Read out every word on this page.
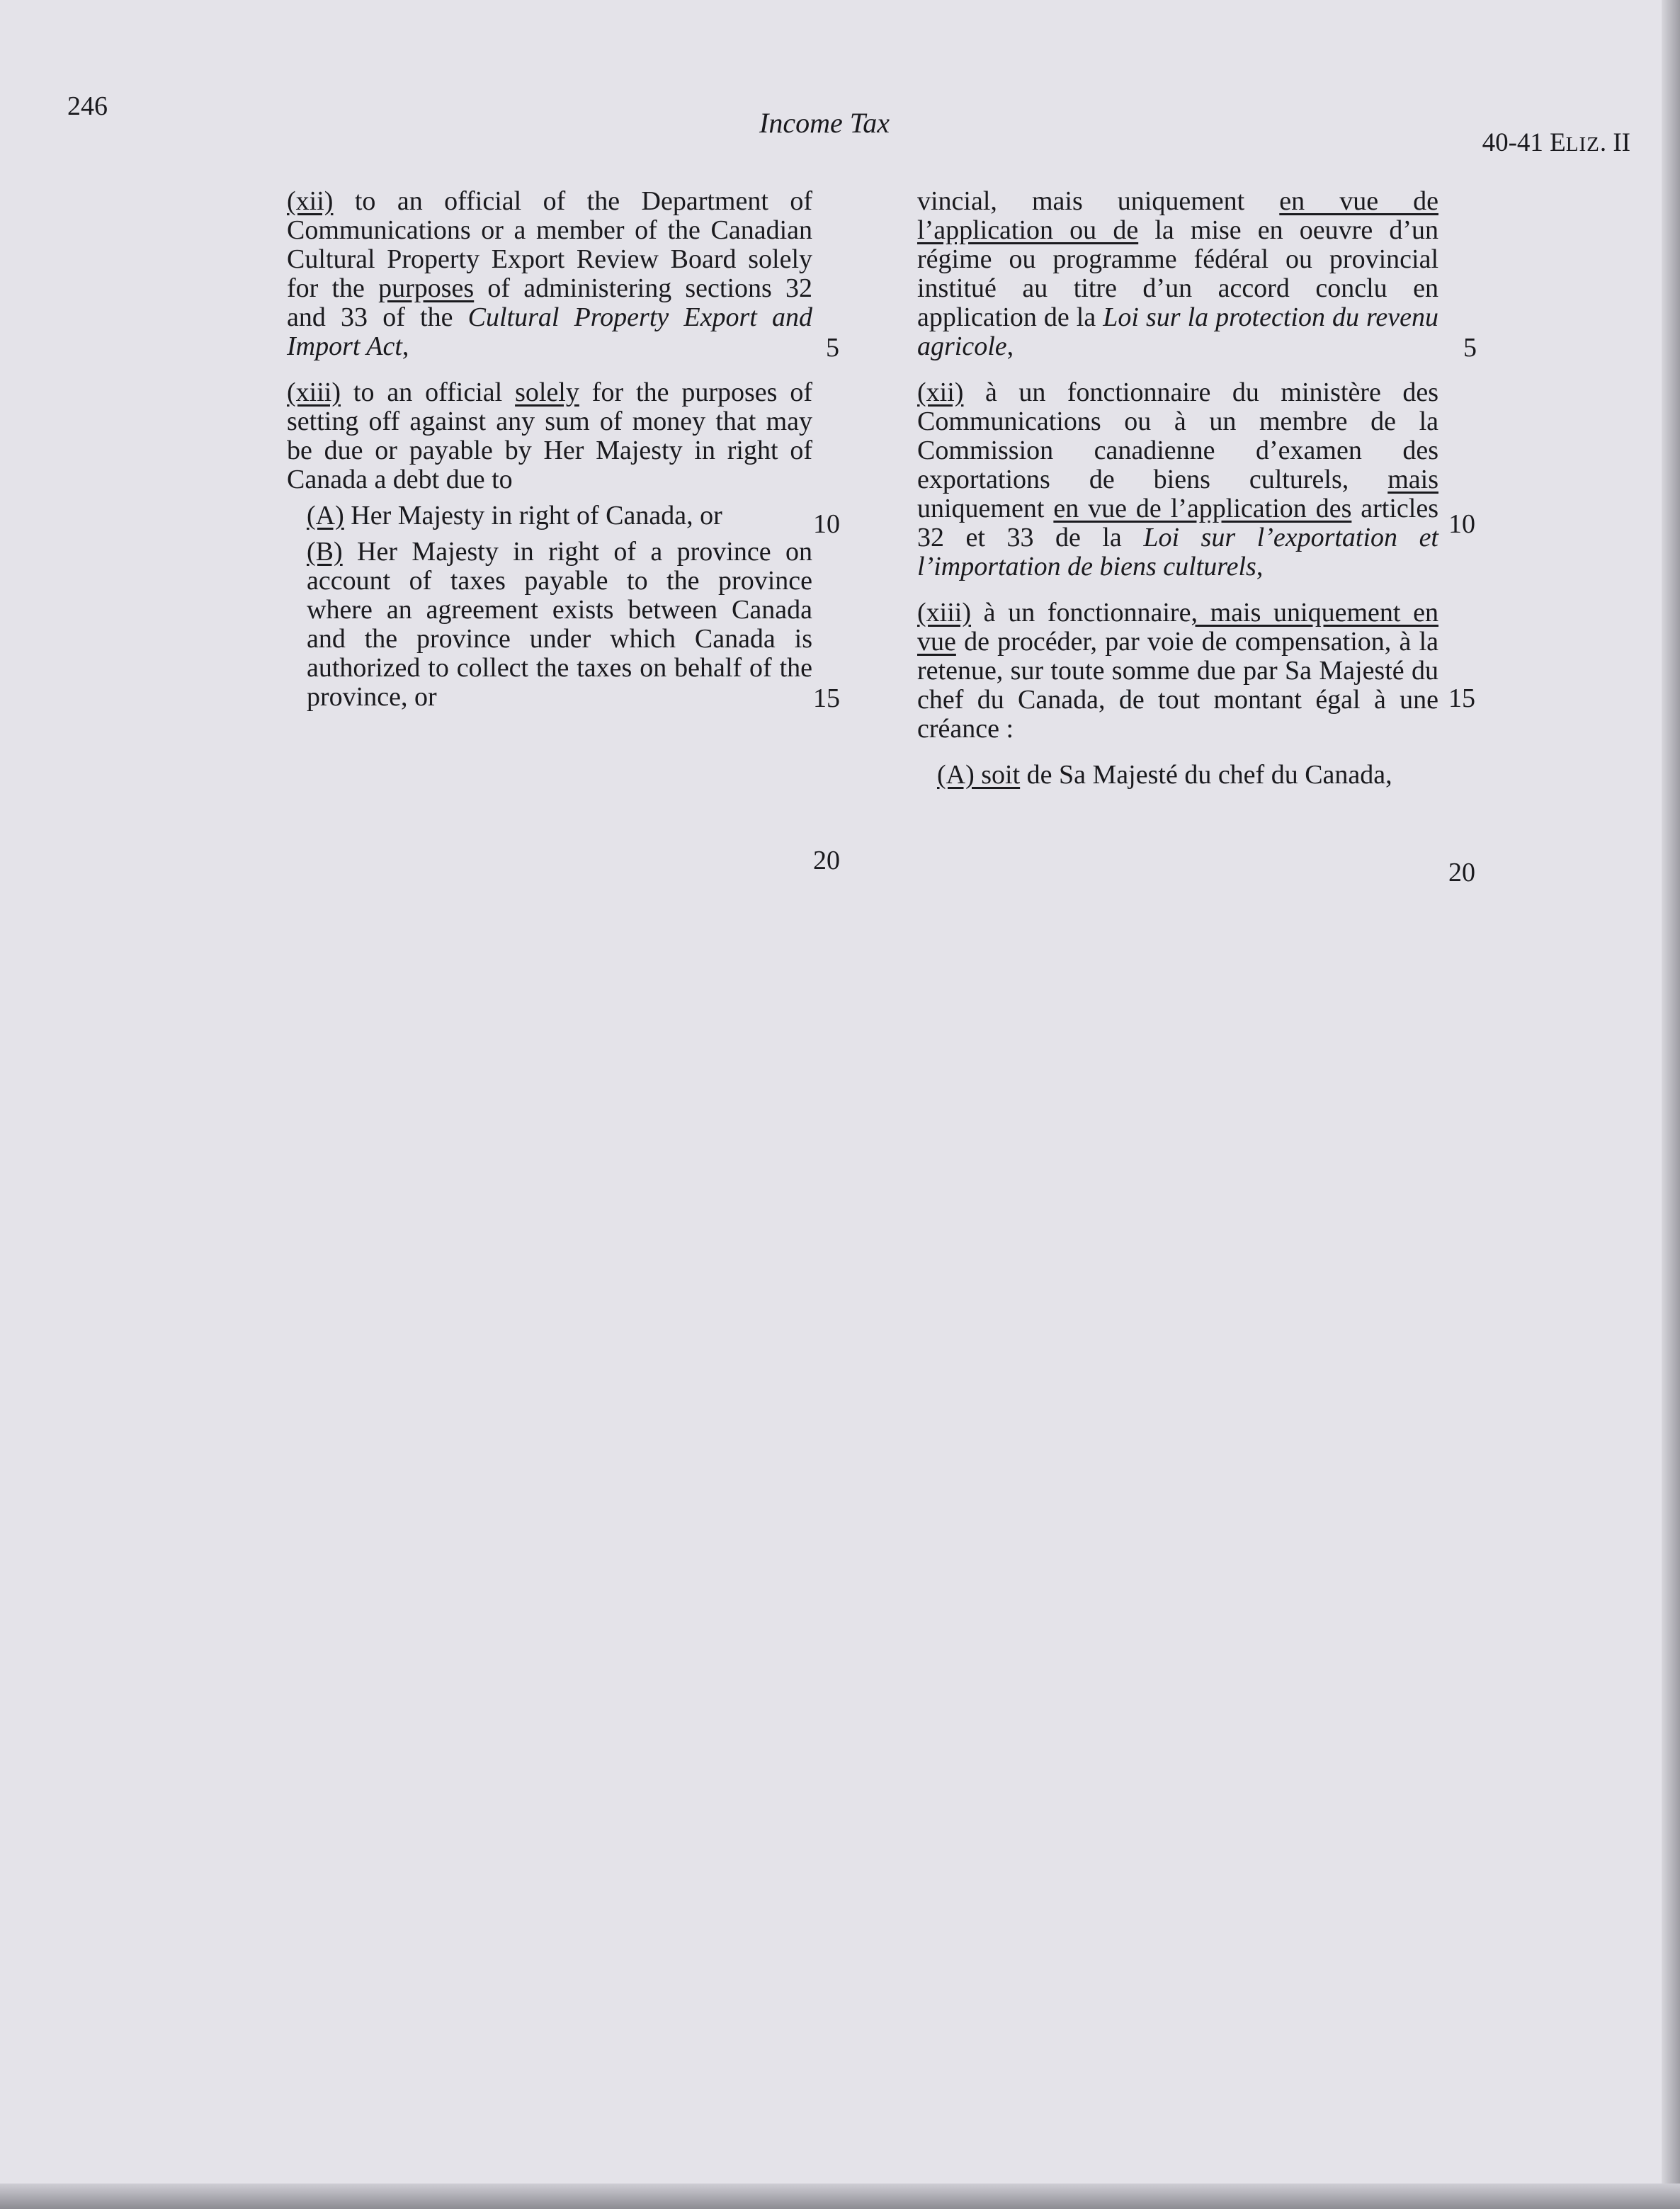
246
Income Tax
40-41 ELIZ. II

(xii) to an official of the Department of Communications or a member of the Canadian Cultural Property Export Review Board solely for the purposes of administering sections 32 and 33 of the Cultural Property Export and Import Act,

(xiii) to an official solely for the purposes of setting off against any sum of money that may be due or payable by Her Majesty in right of Canada a debt due to

(A) Her Majesty in right of Canada, or

(B) Her Majesty in right of a province on account of taxes payable to the province where an agreement exists between Canada and the province under which Canada is authorized to collect the taxes on behalf of the province, or

5
10
15
20

vincial, mais uniquement en vue de l’application ou de la mise en oeuvre d’un régime ou programme fédéral ou provincial institué au titre d’un accord conclu en application de la Loi sur la protection du revenu agricole,

(xii) à un fonctionnaire du ministère des Communications ou à un membre de la Commission canadienne d’examen des exportations de biens culturels, mais uniquement en vue de l’application des articles 32 et 33 de la Loi sur l’exportation et l’importation de biens culturels,

(xiii) à un fonctionnaire, mais uniquement en vue de procéder, par voie de compensation, à la retenue, sur toute somme due par Sa Majesté du chef du Canada, de tout montant égal à une créance :

(A) soit de Sa Majesté du chef du Canada,

5
10
15
20
